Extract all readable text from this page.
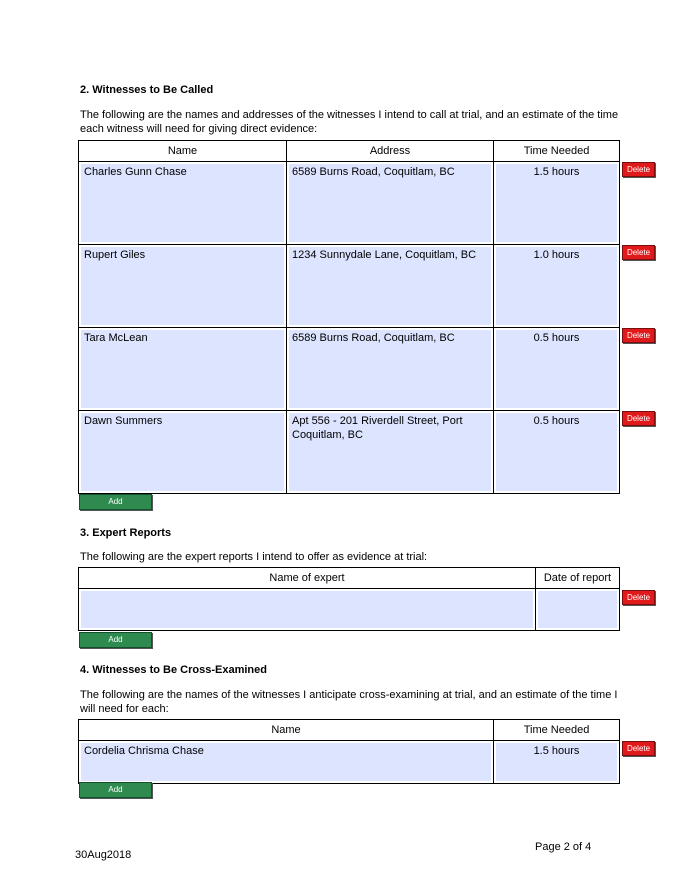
2. Witnesses to Be Called
The following are the names and addresses of the witnesses I intend to call at trial, and an estimate of the time each witness will need for giving direct evidence:
Name	Address	Time Needed

Charles Gunn Chase	6589 Burns Road, Coquitlam, BC	1.5 hours

Rupert Giles	1234 Sunnydale Lane, Coquitlam, BC	1.0 hours

Tara McLean	6589 Burns Road, Coquitlam, BC	0.5 hours

Dawn Summers	Apt 556 - 201 Riverdell Street, Port Coquitlam, BC	0.5 hours
Delete
Delete
Delete
Delete
Add
3. Expert Reports
The following are the expert reports I intend to offer as evidence at trial:
Name of expert	Date of report

Delete
Add
4. Witnesses to Be Cross-Examined
The following are the names of the witnesses I anticipate cross-examining at trial, and an estimate of the time I will need for each:
Name	Time Needed

Cordelia Chrisma Chase	1.5 hours	Delete
Add
Page 2 of 4
30Aug2018
